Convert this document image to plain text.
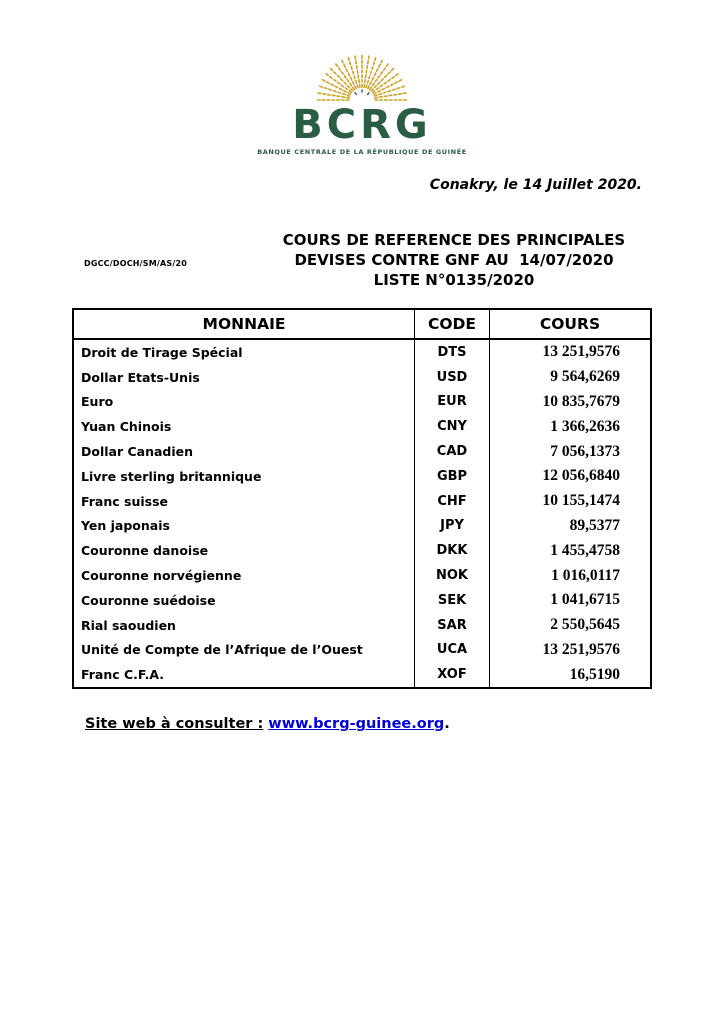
BCRG
BANQUE CENTRALE DE LA RÉPUBLIQUE DE GUINÉE
Conakry, le 14 Juillet 2020.
DGCC/DOCH/SM/AS/20
COURS DE REFERENCE DES PRINCIPALES
DEVISES CONTRE GNF AU  14/07/2020
LISTE N°0135/2020
MONNAIE	CODE	COURS
Droit de Tirage Spécial	DTS	13 251,9576
Dollar Etats-Unis	USD	9 564,6269
Euro	EUR	10 835,7679
Yuan Chinois	CNY	1 366,2636
Dollar Canadien	CAD	7 056,1373
Livre sterling britannique	GBP	12 056,6840
Franc suisse	CHF	10 155,1474
Yen japonais	JPY	89,5377
Couronne danoise	DKK	1 455,4758
Couronne norvégienne	NOK	1 016,0117
Couronne suédoise	SEK	1 041,6715
Rial saoudien	SAR	2 550,5645
Unité de Compte de l’Afrique de l’Ouest	UCA	13 251,9576
Franc C.F.A.	XOF	16,5190
Site web à consulter : www.bcrg-guinee.org.
